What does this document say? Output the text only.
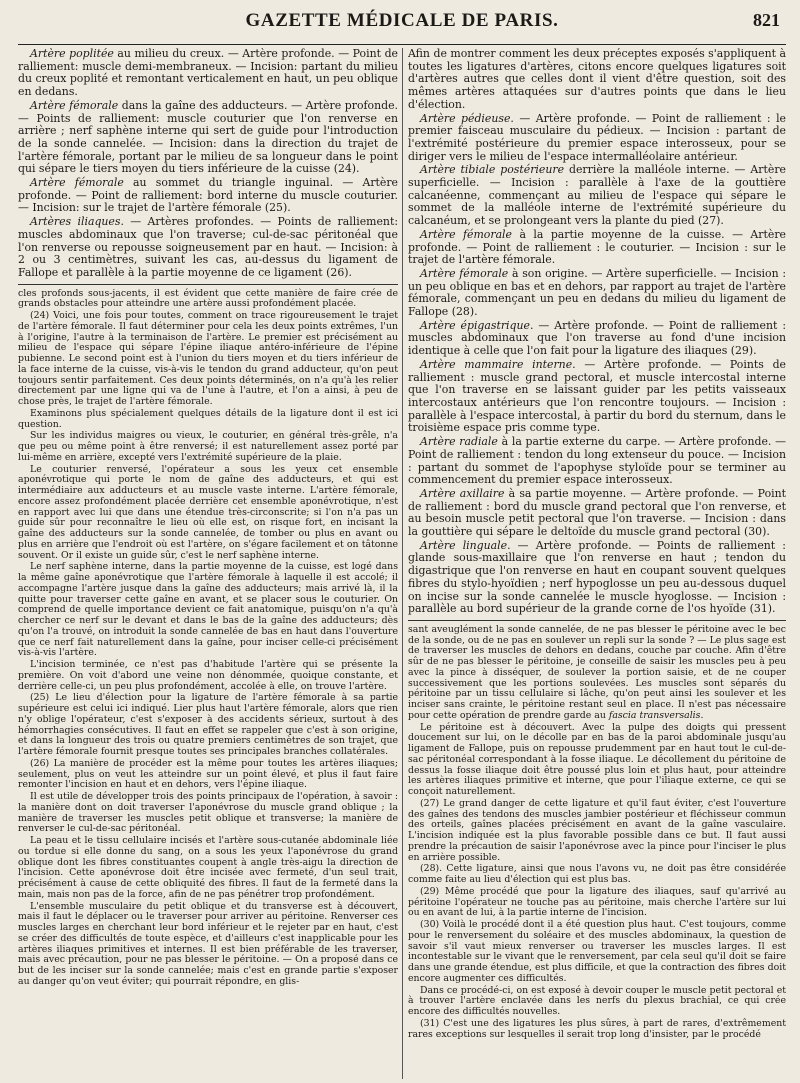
GAZETTE MÉDICALE DE PARIS.	821

Artère poplitée au milieu du creux. — Artère profonde. — Point de ralliement: muscle demi-membraneux. — Incision: partant du milieu du creux poplité et remontant verticalement en haut, un peu oblique en dedans.

Artère fémorale dans la gaîne des adducteurs. — Artère profonde. — Points de ralliement: muscle couturier que l'on renverse en arrière ; nerf saphène interne qui sert de guide pour l'introduction de la sonde cannelée. — Incision: dans la direction du trajet de l'artère fémorale, portant par le milieu de sa longueur dans le point qui sépare le tiers moyen du tiers inférieure de la cuisse (24).

Artère fémorale au sommet du triangle inguinal. — Artère profonde. — Point de ralliement: bord interne du muscle couturier. — Incision: sur le trajet de l'artère fémorale (25).

Artères iliaques. — Artères profondes. — Points de ralliement: muscles abdominaux que l'on traverse; cul-de-sac péritonéal que l'on renverse ou repousse soigneusement par en haut. — Incision: à 2 ou 3 centimètres, suivant les cas, au-dessus du ligament de Fallope et parallèle à la partie moyenne de ce ligament (26).

cles profonds sous-jacents, il est évident que cette manière de faire crée de grands obstacles pour atteindre une artère aussi profondément placée.

(24) Voici, une fois pour toutes, comment on trace rigoureusement le trajet de l'artère fémorale. Il faut déterminer pour cela les deux points extrêmes, l'un à l'origine, l'autre à la terminaison de l'artère. Le premier est précisément au milieu de l'espace qui sépare l'épine iliaque antéro-inférieure de l'épine pubienne. Le second point est à l'union du tiers moyen et du tiers inférieur de la face interne de la cuisse, vis-à-vis le tendon du grand adducteur, qu'on peut toujours sentir parfaitement. Ces deux points déterminés, on n'a qu'à les relier directement par une ligne qui va de l'une à l'autre, et l'on a ainsi, à peu de chose près, le trajet de l'artère fémorale.

Examinons plus spécialement quelques détails de la ligature dont il est ici question.

Sur les individus maigres ou vieux, le couturier, en général très-grêle, n'a que peu ou même point à être renversé; il est naturellement assez porté par lui-même en arrière, excepté vers l'extrémité supérieure de la plaie.

Le couturier renversé, l'opérateur a sous les yeux cet ensemble aponévrotique qui porte le nom de gaîne des adducteurs, et qui est intermédiaire aux adducteurs et au muscle vaste interne. L'artère fémorale, encore assez profondément placée derrière cet ensemble aponévrotique, n'est en rapport avec lui que dans une étendue très-circonscrite; si l'on n'a pas un guide sûr pour reconnaître le lieu où elle est, on risque fort, en incisant la gaîne des adducteurs sur la sonde cannelée, de tomber ou plus en avant ou plus en arrière que l'endroit où est l'artère, on s'égare facilement et on tâtonne souvent. Or il existe un guide sûr, c'est le nerf saphène interne.

Le nerf saphène interne, dans la partie moyenne de la cuisse, est logé dans la même gaîne aponévrotique que l'artère fémorale à laquelle il est accolé; il accompagne l'artère jusque dans la gaîne des adducteurs; mais arrivé là, il la quitte pour traverser cette gaîne en avant, et se placer sous le couturier. On comprend de quelle importance devient ce fait anatomique, puisqu'on n'a qu'à chercher ce nerf sur le devant et dans le bas de la gaîne des adducteurs; dès qu'on l'a trouvé, on introduit la sonde cannelée de bas en haut dans l'ouverture que ce nerf fait naturellement dans la gaîne, pour inciser celle-ci précisément vis-à-vis l'artère.

L'incision terminée, ce n'est pas d'habitude l'artère qui se présente la première. On voit d'abord une veine non dénommée, quoique constante, et derrière celle-ci, un peu plus profondément, accolée à elle, on trouve l'artère.

(25) Le lieu d'élection pour la ligature de l'artère fémorale à sa partie supérieure est celui ici indiqué. Lier plus haut l'artère fémorale, alors que rien n'y oblige l'opérateur, c'est s'exposer à des accidents sérieux, surtout à des hémorrhagies consécutives. Il faut en effet se rappeler que c'est à son origine, et dans la longueur des trois ou quatre premiers centimètres de son trajet, que l'artère fémorale fournit presque toutes ses principales branches collatérales.

(26) La manière de procéder est la même pour toutes les artères iliaques; seulement, plus on veut les atteindre sur un point élevé, et plus il faut faire remonter l'incision en haut et en dehors, vers l'épine iliaque.

Il est utile de développer trois des points principaux de l'opération, à savoir : la manière dont on doit traverser l'aponévrose du muscle grand oblique ; la manière de traverser les muscles petit oblique et transverse; la manière de renverser le cul-de-sac péritonéal.

La peau et le tissu cellulaire incisés et l'artère sous-cutanée abdominale liée ou tordue si elle donne du sang, on a sous les yeux l'aponévrose du grand oblique dont les fibres constituantes coupent à angle très-aigu la direction de l'incision. Cette aponévrose doit être incisée avec fermeté, d'un seul trait, précisément à cause de cette obliquité des fibres. Il faut de la fermeté dans la main, mais non pas de la force, afin de ne pas pénétrer trop profondément.

L'ensemble musculaire du petit oblique et du transverse est à découvert, mais il faut le déplacer ou le traverser pour arriver au péritoine. Renverser ces muscles larges en cherchant leur bord inférieur et le rejeter par en haut, c'est se créer des difficultés de toute espèce, et d'ailleurs c'est inapplicable pour les artères iliaques primitives et internes. Il est bien préférable de les traverser, mais avec précaution, pour ne pas blesser le péritoine. — On a proposé dans ce but de les inciser sur la sonde cannelée; mais c'est en grande partie s'exposer au danger qu'on veut éviter; qui pourrait répondre, en glis-

Afin de montrer comment les deux préceptes exposés s'appliquent à toutes les ligatures d'artères, citons encore quelques ligatures soit d'artères autres que celles dont il vient d'être question, soit des mêmes artères attaquées sur d'autres points que dans le lieu d'élection.

Artère pédieuse. — Artère profonde. — Point de ralliement : le premier faisceau musculaire du pédieux. — Incision : partant de l'extrémité postérieure du premier espace interosseux, pour se diriger vers le milieu de l'espace intermalléolaire antérieur.

Artère tibiale postérieure derrière la malléole interne. — Artère superficielle. — Incision : parallèle à l'axe de la gouttière calcanéenne, commençant au milieu de l'espace qui sépare le sommet de la malléole interne de l'extrémité supérieure du calcanéum, et se prolongeant vers la plante du pied (27).

Artère fémorale à la partie moyenne de la cuisse. — Artère profonde. — Point de ralliement : le couturier. — Incision : sur le trajet de l'artère fémorale.

Artère fémorale à son origine. — Artère superficielle. — Incision : un peu oblique en bas et en dehors, par rapport au trajet de l'artère fémorale, commençant un peu en dedans du milieu du ligament de Fallope (28).

Artère épigastrique. — Artère profonde. — Point de ralliement : muscles abdominaux que l'on traverse au fond d'une incision identique à celle que l'on fait pour la ligature des iliaques (29).

Artère mammaire interne. — Artère profonde. — Points de ralliement : muscle grand pectoral, et muscle intercostal interne que l'on traverse en se laissant guider par les petits vaisseaux intercostaux antérieurs que l'on rencontre toujours. — Incision : parallèle à l'espace intercostal, à partir du bord du sternum, dans le troisième espace pris comme type.

Artère radiale à la partie externe du carpe. — Artère profonde. — Point de ralliement : tendon du long extenseur du pouce. — Incision : partant du sommet de l'apophyse styloïde pour se terminer au commencement du premier espace interosseux.

Artère axillaire à sa partie moyenne. — Artère profonde. — Point de ralliement : bord du muscle grand pectoral que l'on renverse, et au besoin muscle petit pectoral que l'on traverse. — Incision : dans la gouttière qui sépare le deltoïde du muscle grand pectoral (30).

Artère linguale. — Artère profonde. — Points de ralliement : glande sous-maxillaire que l'on renverse en haut ; tendon du digastrique que l'on renverse en haut en coupant souvent quelques fibres du stylo-hyoïdien ; nerf hypoglosse un peu au-dessous duquel on incise sur la sonde cannelée le muscle hyoglosse. — Incision : parallèle au bord supérieur de la grande corne de l'os hyoïde (31).

sant aveuglément la sonde cannelée, de ne pas blesser le péritoine avec le bec de la sonde, ou de ne pas en soulever un repli sur la sonde ? — Le plus sage est de traverser les muscles de dehors en dedans, couche par couche. Afin d'être sûr de ne pas blesser le péritoine, je conseille de saisir les muscles peu à peu avec la pince à disséquer, de soulever la portion saisie, et de ne couper successivement que les portions soulevées. Les muscles sont séparés du péritoine par un tissu cellulaire si lâche, qu'on peut ainsi les soulever et les inciser sans crainte, le péritoine restant seul en place. Il n'est pas nécessaire pour cette opération de prendre garde au fascia transversalis.

Le péritoine est à découvert. Avec la pulpe des doigts qui pressent doucement sur lui, on le décolle par en bas de la paroi abdominale jusqu'au ligament de Fallope, puis on repousse prudemment par en haut tout le cul-de-sac péritonéal correspondant à la fosse iliaque. Le décollement du péritoine de dessus la fosse iliaque doit être poussé plus loin et plus haut, pour atteindre les artères iliaques primitive et interne, que pour l'iliaque externe, ce qui se conçoit naturellement.

(27) Le grand danger de cette ligature et qu'il faut éviter, c'est l'ouverture des gaînes des tendons des muscles jambier postérieur et fléchisseur commun des orteils, gaînes placées précisément en avant de la gaîne vasculaire. L'incision indiquée est la plus favorable possible dans ce but. Il faut aussi prendre la précaution de saisir l'aponévrose avec la pince pour l'inciser le plus en arrière possible.

(28). Cette ligature, ainsi que nous l'avons vu, ne doit pas être considérée comme faite au lieu d'élection qui est plus bas.

(29) Même procédé que pour la ligature des iliaques, sauf qu'arrivé au péritoine l'opérateur ne touche pas au péritoine, mais cherche l'artère sur lui ou en avant de lui, à la partie interne de l'incision.

(30) Voilà le procédé dont il a été question plus haut. C'est toujours, comme pour le renversement du soléaire et des muscles abdominaux, la question de savoir s'il vaut mieux renverser ou traverser les muscles larges. Il est incontestable sur le vivant que le renversement, par cela seul qu'il doit se faire dans une grande étendue, est plus difficile, et que la contraction des fibres doit encore augmenter ces difficultés.

Dans ce procédé-ci, on est exposé à devoir couper le muscle petit pectoral et à trouver l'artère enclavée dans les nerfs du plexus brachial, ce qui crée encore des difficultés nouvelles.

(31) C'est une des ligatures les plus sûres, à part de rares, d'extrêmement rares exceptions sur lesquelles il serait trop long d'insister, par le procédé
